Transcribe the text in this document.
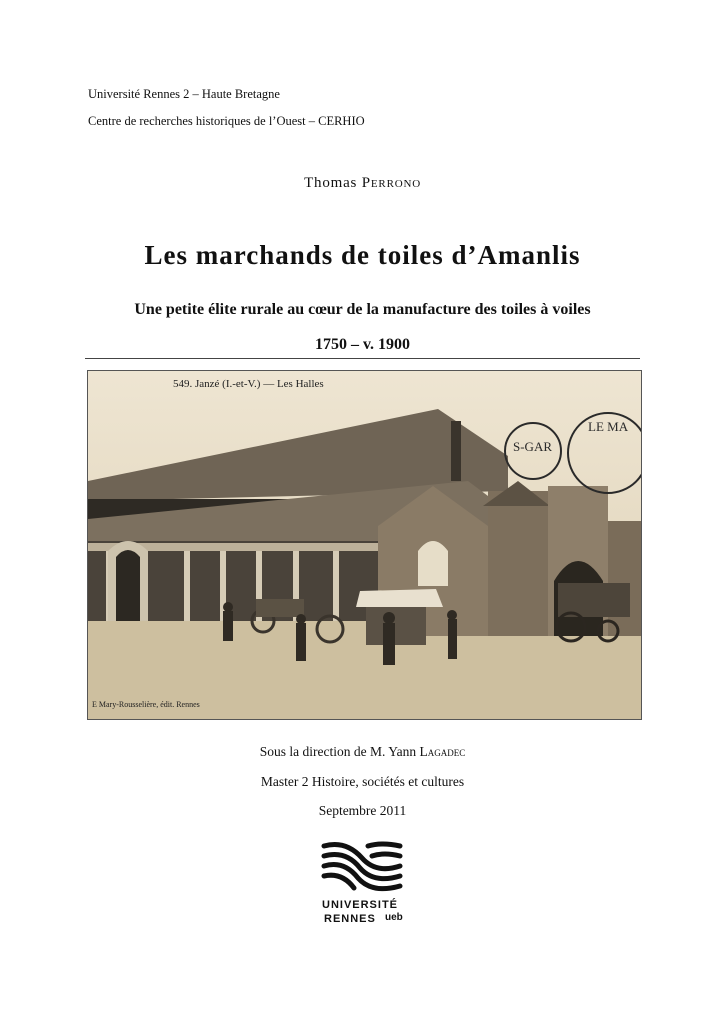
Université Rennes 2 – Haute Bretagne
Centre de recherches historiques de l’Ouest – CERHIO
Thomas Perrono
Les marchands de toiles d’Amanlis
Une petite élite rurale au cœur de la manufacture des toiles à voiles
1750 – v. 1900
LE MA
S-GAR
549. Janzé (I.-et-V.) — Les Halles
E Mary-Rousselière, édit. Rennes
Sous la direction de M. Yann Lagadec
Master 2 Histoire, sociétés et cultures
Septembre 2011
UNIVERSITÉ
RENNES ueb
